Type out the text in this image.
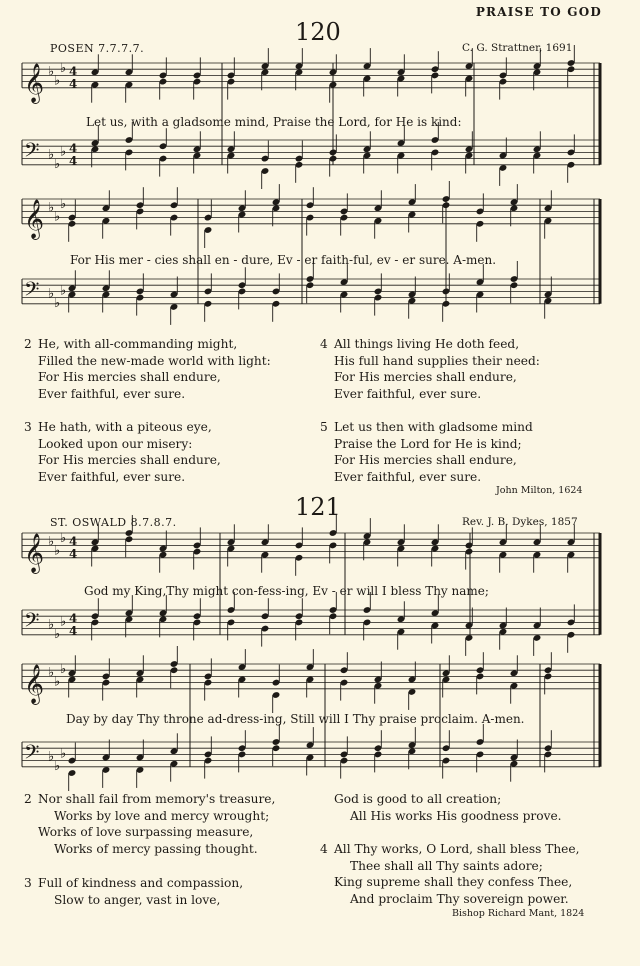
PRAISE TO GOD
120
POSEN 7.7.7.7.	C. G. Strattner, 1691
𝄞 ♭
♭
♭ 4
4
𝄢 ♭
♭
♭ 4
4
𝄞 ♭
♭
♭
𝄢 ♭
♭
♭
𝄞 ♭
♭
♭ 4
4
𝄢 ♭
♭
♭ 4
4
𝄞 ♭
♭
♭
𝄢 ♭
♭
♭
Let us, with a gladsome mind, Praise the Lord, for He is kind:
For His mer - cies shall en - dure, Ev - er faith-ful, ev - er sure. A-men.
2 He, with all-commanding might,
Filled the new-made world with light:
For His mercies shall endure,
Ever faithful, ever sure.
3 He hath, with a piteous eye,
Looked upon our misery:
For His mercies shall endure,
Ever faithful, ever sure.
4 All things living He doth feed,
His full hand supplies their need:
For His mercies shall endure,
Ever faithful, ever sure.
5 Let us then with gladsome mind
Praise the Lord for He is kind;
For His mercies shall endure,
Ever faithful, ever sure.
John Milton, 1624
121
ST. OSWALD 8.7.8.7.	Rev. J. B. Dykes, 1857
God my King,Thy might con-fess-ing, Ev - er will I bless Thy name;
Day by day Thy throne ad-dress-ing, Still will I Thy praise proclaim. A-men.
2 Nor shall fail from memory's treasure,
Works by love and mercy wrought;
Works of love surpassing measure,
Works of mercy passing thought.
3 Full of kindness and compassion,
Slow to anger, vast in love,
God is good to all creation;
All His works His goodness prove.
4 All Thy works, O Lord, shall bless Thee,
Thee shall all Thy saints adore;
King supreme shall they confess Thee,
And proclaim Thy sovereign power.
Bishop Richard Mant, 1824
